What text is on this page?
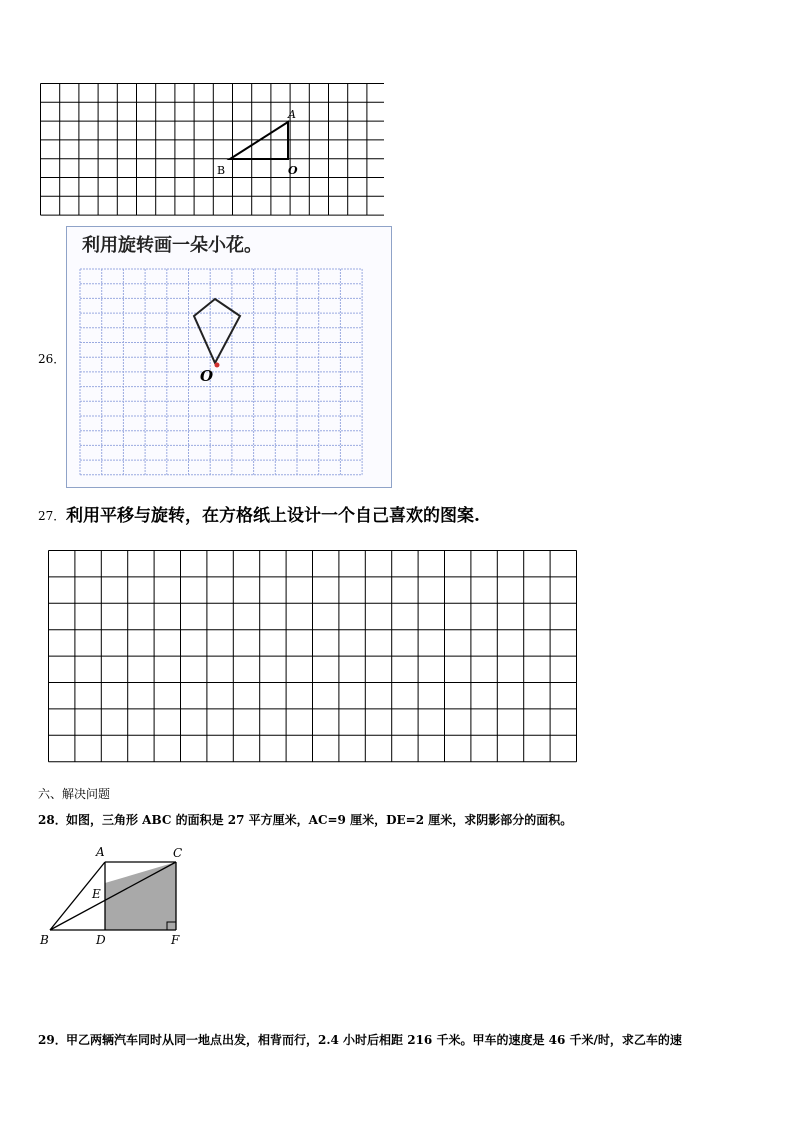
A
B	O
26．
利用旋转画一朵小花。
O
27． 利用平移与旋转，在方格纸上设计一个自己喜欢的图案.
六、解决问题
28． 如图，三角形 ABC 的面积是 27 平方厘米，AC=9 厘米，DE=2 厘米，求阴影部分的面积。
A	C
E
B	D	F
29． 甲乙两辆汽车同时从同一地点出发，相背而行，2.4 小时后相距 216 千米。甲车的速度是 46 千米/时，求乙车的速
